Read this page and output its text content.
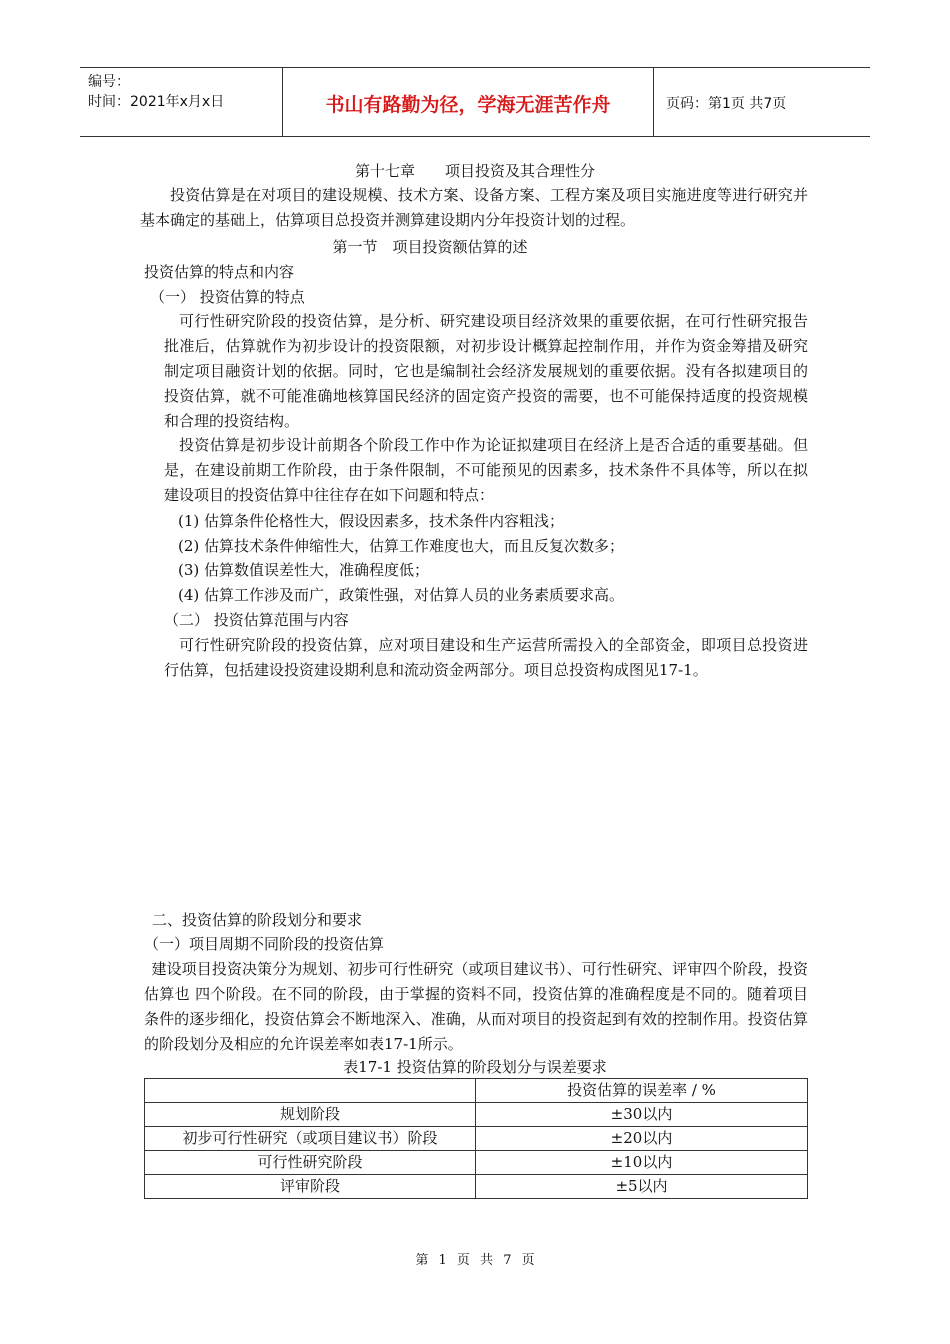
编号：
时间：2021年x月x日	书山有路勤为径，学海无涯苦作舟	页码：第1页 共7页
第十七章　　项目投资及其合理性分
投资估算是在对项目的建设规模、技术方案、设备方案、工程方案及项目实施进度等进行研究并基本确定的基础上，估算项目总投资并测算建设期内分年投资计划的过程。
第一节　项目投资额估算的述
投资估算的特点和内容
（一） 投资估算的特点
可行性研究阶段的投资估算，是分析、研究建设项目经济效果的重要依据，在可行性研究报告批准后，估算就作为初步设计的投资限额，对初步设计概算起控制作用，并作为资金筹措及研究制定项目融资计划的依据。同时，它也是编制社会经济发展规划的重要依据。没有各拟建项目的投资估算，就不可能准确地核算国民经济的固定资产投资的需要，也不可能保持适度的投资规模和合理的投资结构。
投资估算是初步设计前期各个阶段工作中作为论证拟建项目在经济上是否合适的重要基础。但是，在建设前期工作阶段，由于条件限制，不可能预见的因素多，技术条件不具体等，所以在拟建设项目的投资估算中往往存在如下问题和特点：
(1) 估算条件伦格性大，假设因素多，技术条件内容粗浅；
(2) 估算技术条件伸缩性大，估算工作难度也大，而且反复次数多；
(3) 估算数值误差性大，准确程度低；
(4) 估算工作涉及而广，政策性强，对估算人员的业务素质要求高。
（二） 投资估算范围与内容
可行性研究阶段的投资估算，应对项目建设和生产运营所需投入的全部资金，即项目总投资进行估算，包括建设投资建设期利息和流动资金两部分。项目总投资构成图见17-1。
二、投资估算的阶段划分和要求
（一）项目周期不同阶段的投资估算
建设项目投资决策分为规划、初步可行性研究（或项目建议书）、可行性研究、评审四个阶段，投资估算也 四个阶段。在不同的阶段，由于掌握的资料不同，投资估算的准确程度是不同的。随着项目条件的逐步细化，投资估算会不断地深入、准确，从而对项目的投资起到有效的控制作用。投资估算的阶段划分及相应的允许误差率如表17-1所示。
表17-1 投资估算的阶段划分与误差要求
	投资估算的误差率 / %
规划阶段	±30以内
初步可行性研究（或项目建议书）阶段	±20以内
可行性研究阶段	±10以内
评审阶段	±5以内
第 1 页 共 7 页
